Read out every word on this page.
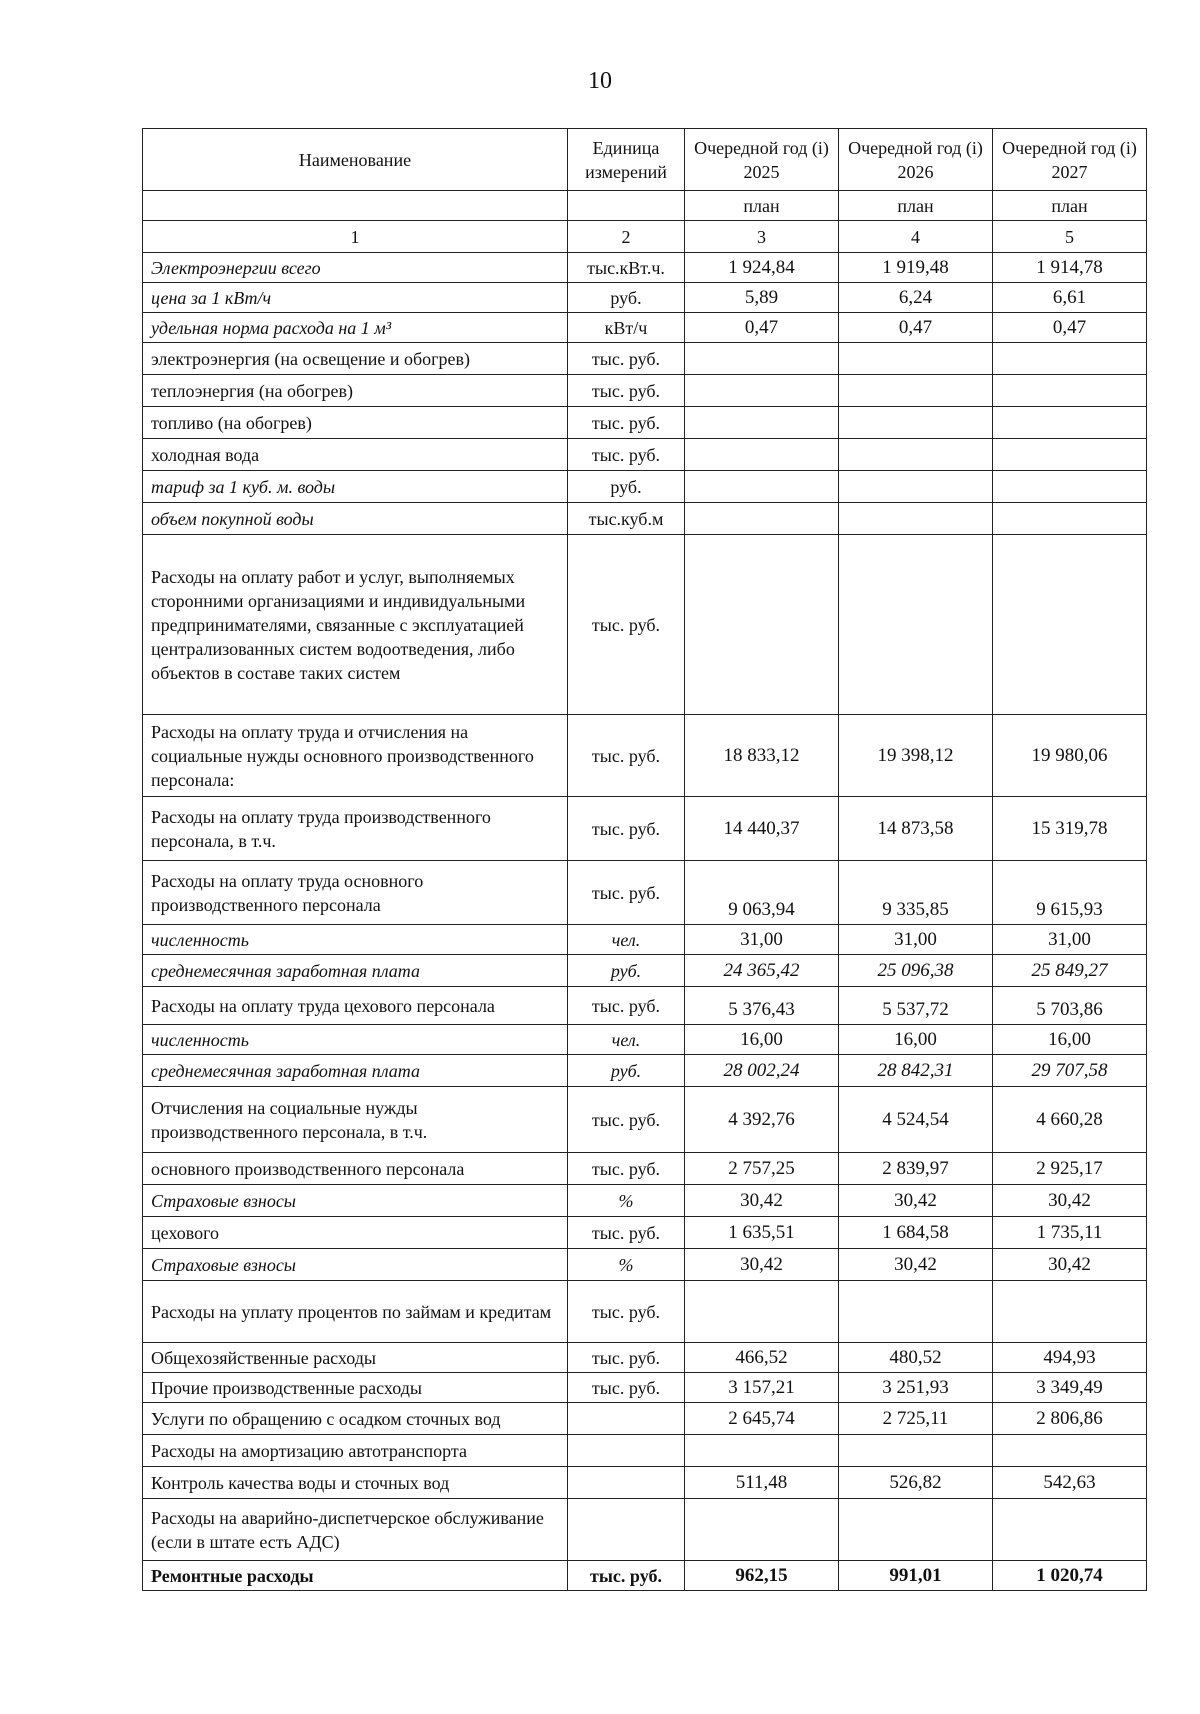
10
Наименование	Единица измерений	Очередной год (i) 2025	Очередной год (i) 2026	Очередной год (i) 2027
		план	план	план
1	2	3	4	5
Электроэнергии всего	тыс.кВт.ч.	1 924,84	1 919,48	1 914,78
цена за 1 кВт/ч	руб.	5,89	6,24	6,61
удельная норма расхода на 1 м³	кВт/ч	0,47	0,47	0,47
электроэнергия (на освещение и обогрев)	тыс. руб.			
теплоэнергия (на обогрев)	тыс. руб.			
топливо (на обогрев)	тыс. руб.			
холодная вода	тыс. руб.			
тариф за 1 куб. м. воды	руб.			
объем покупной воды	тыс.куб.м			
Расходы на оплату работ и услуг, выполняемых сторонними организациями и индивидуальными предпринимателями, связанные с эксплуатацией централизованных систем водоотведения, либо объектов в составе таких систем	тыс. руб.			
Расходы на оплату труда и отчисления на социальные нужды основного производственного персонала:	тыс. руб.	18 833,12	19 398,12	19 980,06
Расходы на оплату труда производственного персонала, в т.ч.	тыс. руб.	14 440,37	14 873,58	15 319,78
Расходы на оплату труда основного производственного персонала	тыс. руб.	9 063,94	9 335,85	9 615,93
численность	чел.	31,00	31,00	31,00
среднемесячная заработная плата	руб.	24 365,42	25 096,38	25 849,27
Расходы на оплату труда цехового персонала	тыс. руб.	5 376,43	5 537,72	5 703,86
численность	чел.	16,00	16,00	16,00
среднемесячная заработная плата	руб.	28 002,24	28 842,31	29 707,58
Отчисления на социальные нужды производственного персонала, в т.ч.	тыс. руб.	4 392,76	4 524,54	4 660,28
основного производственного персонала	тыс. руб.	2 757,25	2 839,97	2 925,17
Страховые взносы	%	30,42	30,42	30,42
цехового	тыс. руб.	1 635,51	1 684,58	1 735,11
Страховые взносы	%	30,42	30,42	30,42
Расходы на уплату процентов по займам и кредитам	тыс. руб.			
Общехозяйственные расходы	тыс. руб.	466,52	480,52	494,93
Прочие производственные расходы	тыс. руб.	3 157,21	3 251,93	3 349,49
Услуги по обращению с осадком сточных вод		2 645,74	2 725,11	2 806,86
Расходы на амортизацию автотранспорта				
Контроль качества воды и сточных вод		511,48	526,82	542,63
Расходы на аварийно-диспетчерское обслуживание (если в штате есть АДС)				
Ремонтные расходы	тыс. руб.	962,15	991,01	1 020,74
